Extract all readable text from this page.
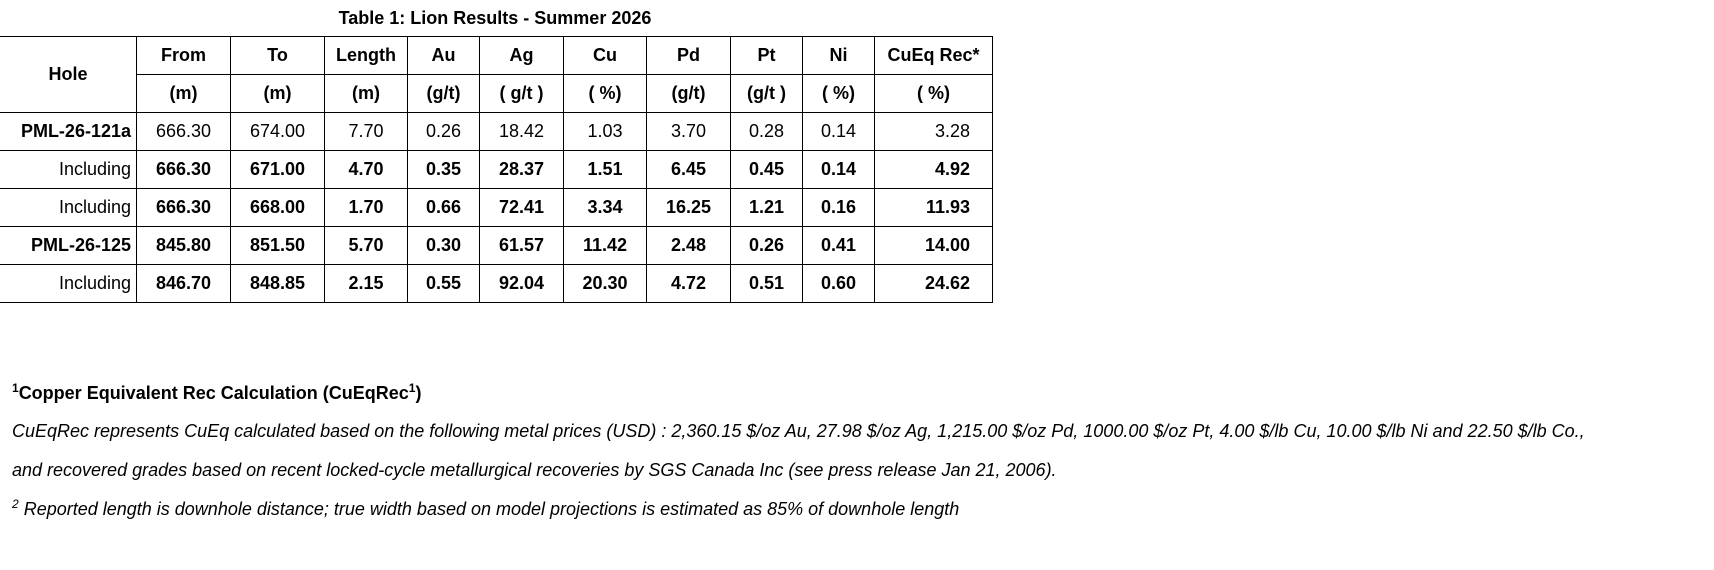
Table 1: Lion Results - Summer 2026
Hole	From	To	Length	Au	Ag	Cu	Pd	Pt	Ni	CuEq Rec*
	(m)	(m)	(m)	(g/t)	( g/t )	( %)	(g/t)	(g/t )	( %)	( %)
PML-26-121a	666.30	674.00	7.70	0.26	18.42	1.03	3.70	0.28	0.14	3.28
Including	666.30	671.00	4.70	0.35	28.37	1.51	6.45	0.45	0.14	4.92
Including	666.30	668.00	1.70	0.66	72.41	3.34	16.25	1.21	0.16	11.93
PML-26-125	845.80	851.50	5.70	0.30	61.57	11.42	2.48	0.26	0.41	14.00
Including	846.70	848.85	2.15	0.55	92.04	20.30	4.72	0.51	0.60	24.62
$^1$Copper Equivalent Rec Calculation (CuEqRec$^1$)
CuEqRec represents CuEq calculated based on the following metal prices (USD) : 2,360.15 $/oz Au, 27.98 $/oz Ag, 1,215.00 $/oz Pd, 1000.00 $/oz Pt, 4.00 $/lb Cu, 10.00 $/lb Ni and 22.50 $/lb Co.,
and recovered grades based on recent locked-cycle metallurgical recoveries by SGS Canada Inc (see press release Jan 21, 2006).
$^2$ Reported length is downhole distance; true width based on model projections is estimated as 85% of downhole length
